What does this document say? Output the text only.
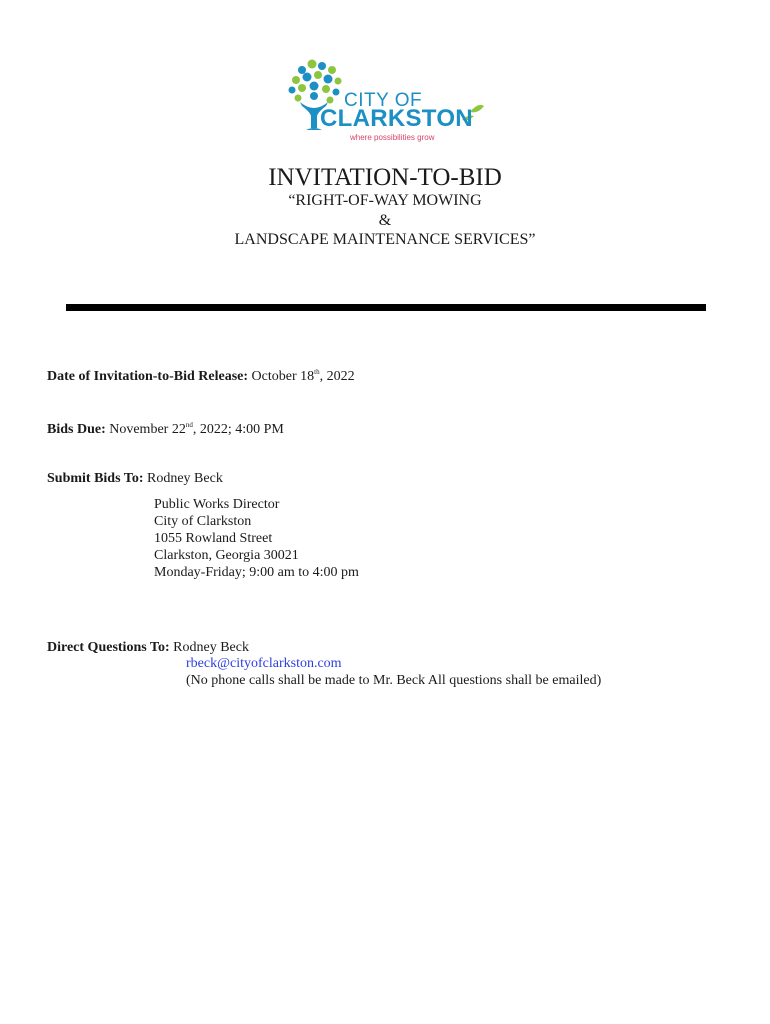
CITY OF
CLARKSTON
where possibilities grow
INVITATION-TO-BID
“RIGHT-OF-WAY MOWING
&
LANDSCAPE MAINTENANCE SERVICES”
Date of Invitation-to-Bid Release: October 18th, 2022
Bids Due: November 22nd, 2022; 4:00 PM
Submit Bids To: Rodney Beck
Public Works Director
City of Clarkston
1055 Rowland Street
Clarkston, Georgia 30021
Monday-Friday; 9:00 am to 4:00 pm
Direct Questions To: Rodney Beck
rbeck@cityofclarkston.com
(No phone calls shall be made to Mr. Beck All questions shall be emailed)
